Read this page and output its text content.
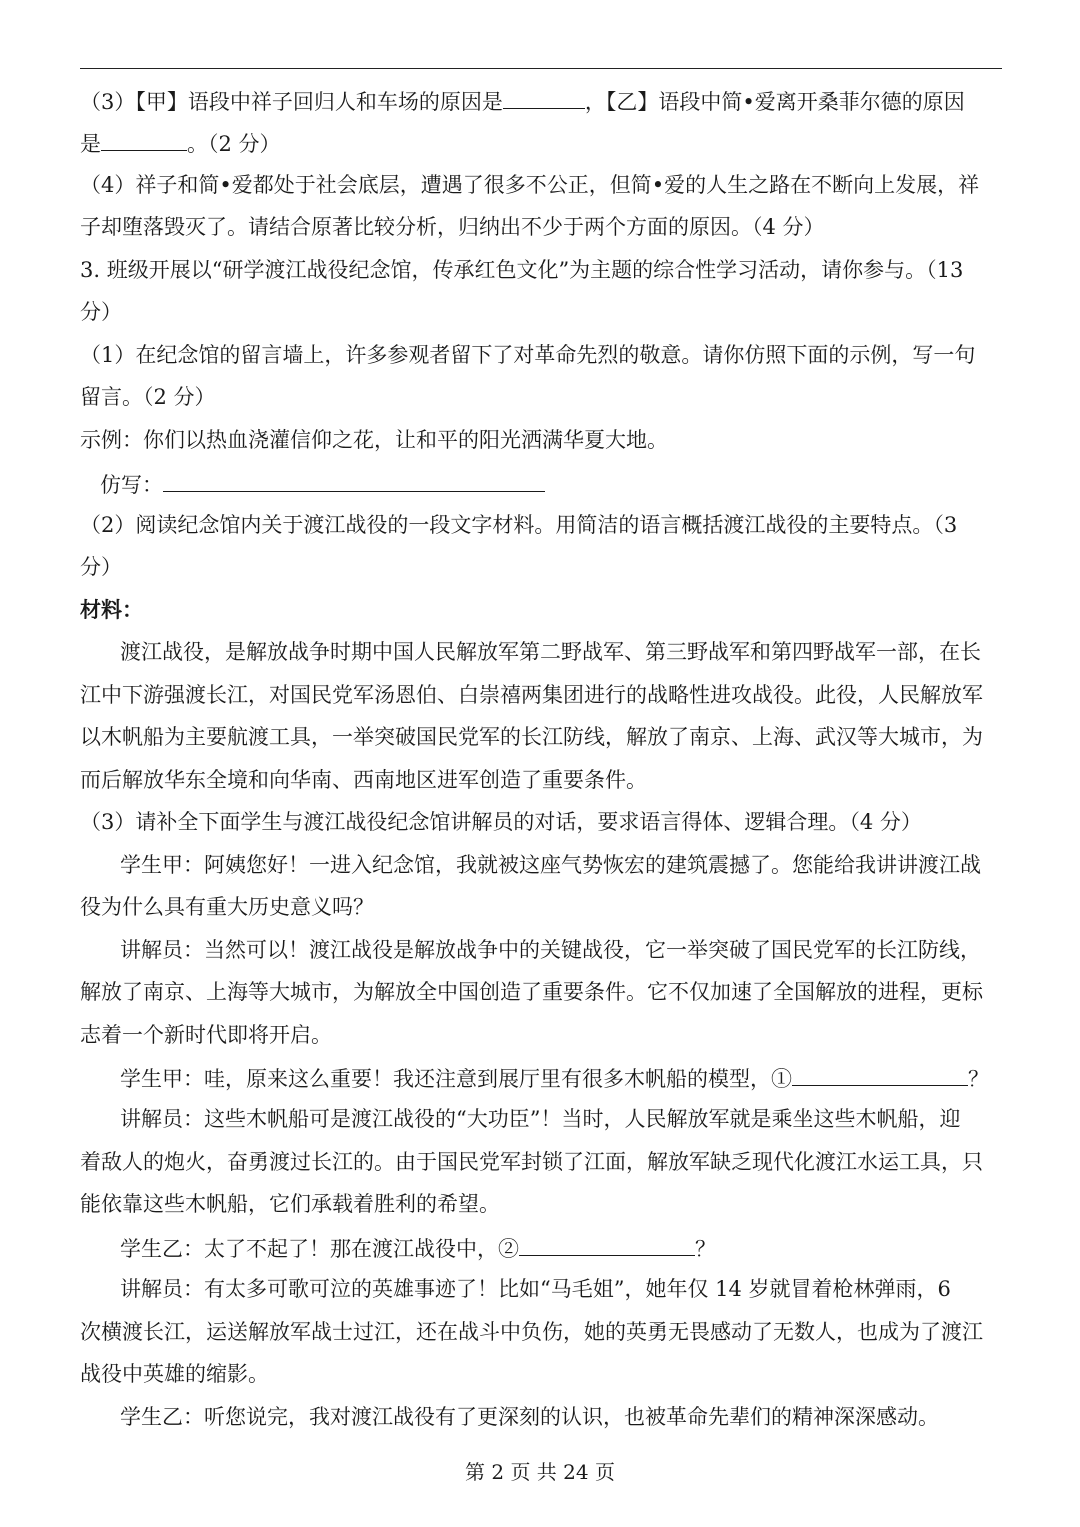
（3）【甲】语段中祥子回归人和车场的原因是	，【乙】语段中简•爱离开桑菲尔德的原因
是	。（2 分）
（4）祥子和简•爱都处于社会底层，遭遇了很多不公正，但简•爱的人生之路在不断向上发展，祥
子却堕落毁灭了。请结合原著比较分析，归纳出不少于两个方面的原因。（4 分）
3. 班级开展以“研学渡江战役纪念馆，传承红色文化”为主题的综合性学习活动，请你参与。（13
分）
（1）在纪念馆的留言墙上，许多参观者留下了对革命先烈的敬意。请你仿照下面的示例，写一句
留言。（2 分）
示例：你们以热血浇灌信仰之花，让和平的阳光洒满华夏大地。
仿写：
（2）阅读纪念馆内关于渡江战役的一段文字材料。用简洁的语言概括渡江战役的主要特点。（3
分）
材料：
渡江战役，是解放战争时期中国人民解放军第二野战军、第三野战军和第四野战军一部，在长
江中下游强渡长江，对国民党军汤恩伯、白崇禧两集团进行的战略性进攻战役。此役，人民解放军
以木帆船为主要航渡工具，一举突破国民党军的长江防线，解放了南京、上海、武汉等大城市，为
而后解放华东全境和向华南、西南地区进军创造了重要条件。
（3）请补全下面学生与渡江战役纪念馆讲解员的对话，要求语言得体、逻辑合理。（4 分）
学生甲：阿姨您好！一进入纪念馆，我就被这座气势恢宏的建筑震撼了。您能给我讲讲渡江战
役为什么具有重大历史意义吗？
讲解员：当然可以！渡江战役是解放战争中的关键战役，它一举突破了国民党军的长江防线，
解放了南京、上海等大城市，为解放全中国创造了重要条件。它不仅加速了全国解放的进程，更标
志着一个新时代即将开启。
学生甲：哇，原来这么重要！我还注意到展厅里有很多木帆船的模型，①	？
讲解员：这些木帆船可是渡江战役的“大功臣”！当时，人民解放军就是乘坐这些木帆船，迎
着敌人的炮火，奋勇渡过长江的。由于国民党军封锁了江面，解放军缺乏现代化渡江水运工具，只
能依靠这些木帆船，它们承载着胜利的希望。
学生乙：太了不起了！那在渡江战役中，②	？
讲解员：有太多可歌可泣的英雄事迹了！比如“马毛姐”，她年仅 14 岁就冒着枪林弹雨，6
次横渡长江，运送解放军战士过江，还在战斗中负伤，她的英勇无畏感动了无数人，也成为了渡江
战役中英雄的缩影。
学生乙：听您说完，我对渡江战役有了更深刻的认识，也被革命先辈们的精神深深感动。
第 2 页 共 24 页
